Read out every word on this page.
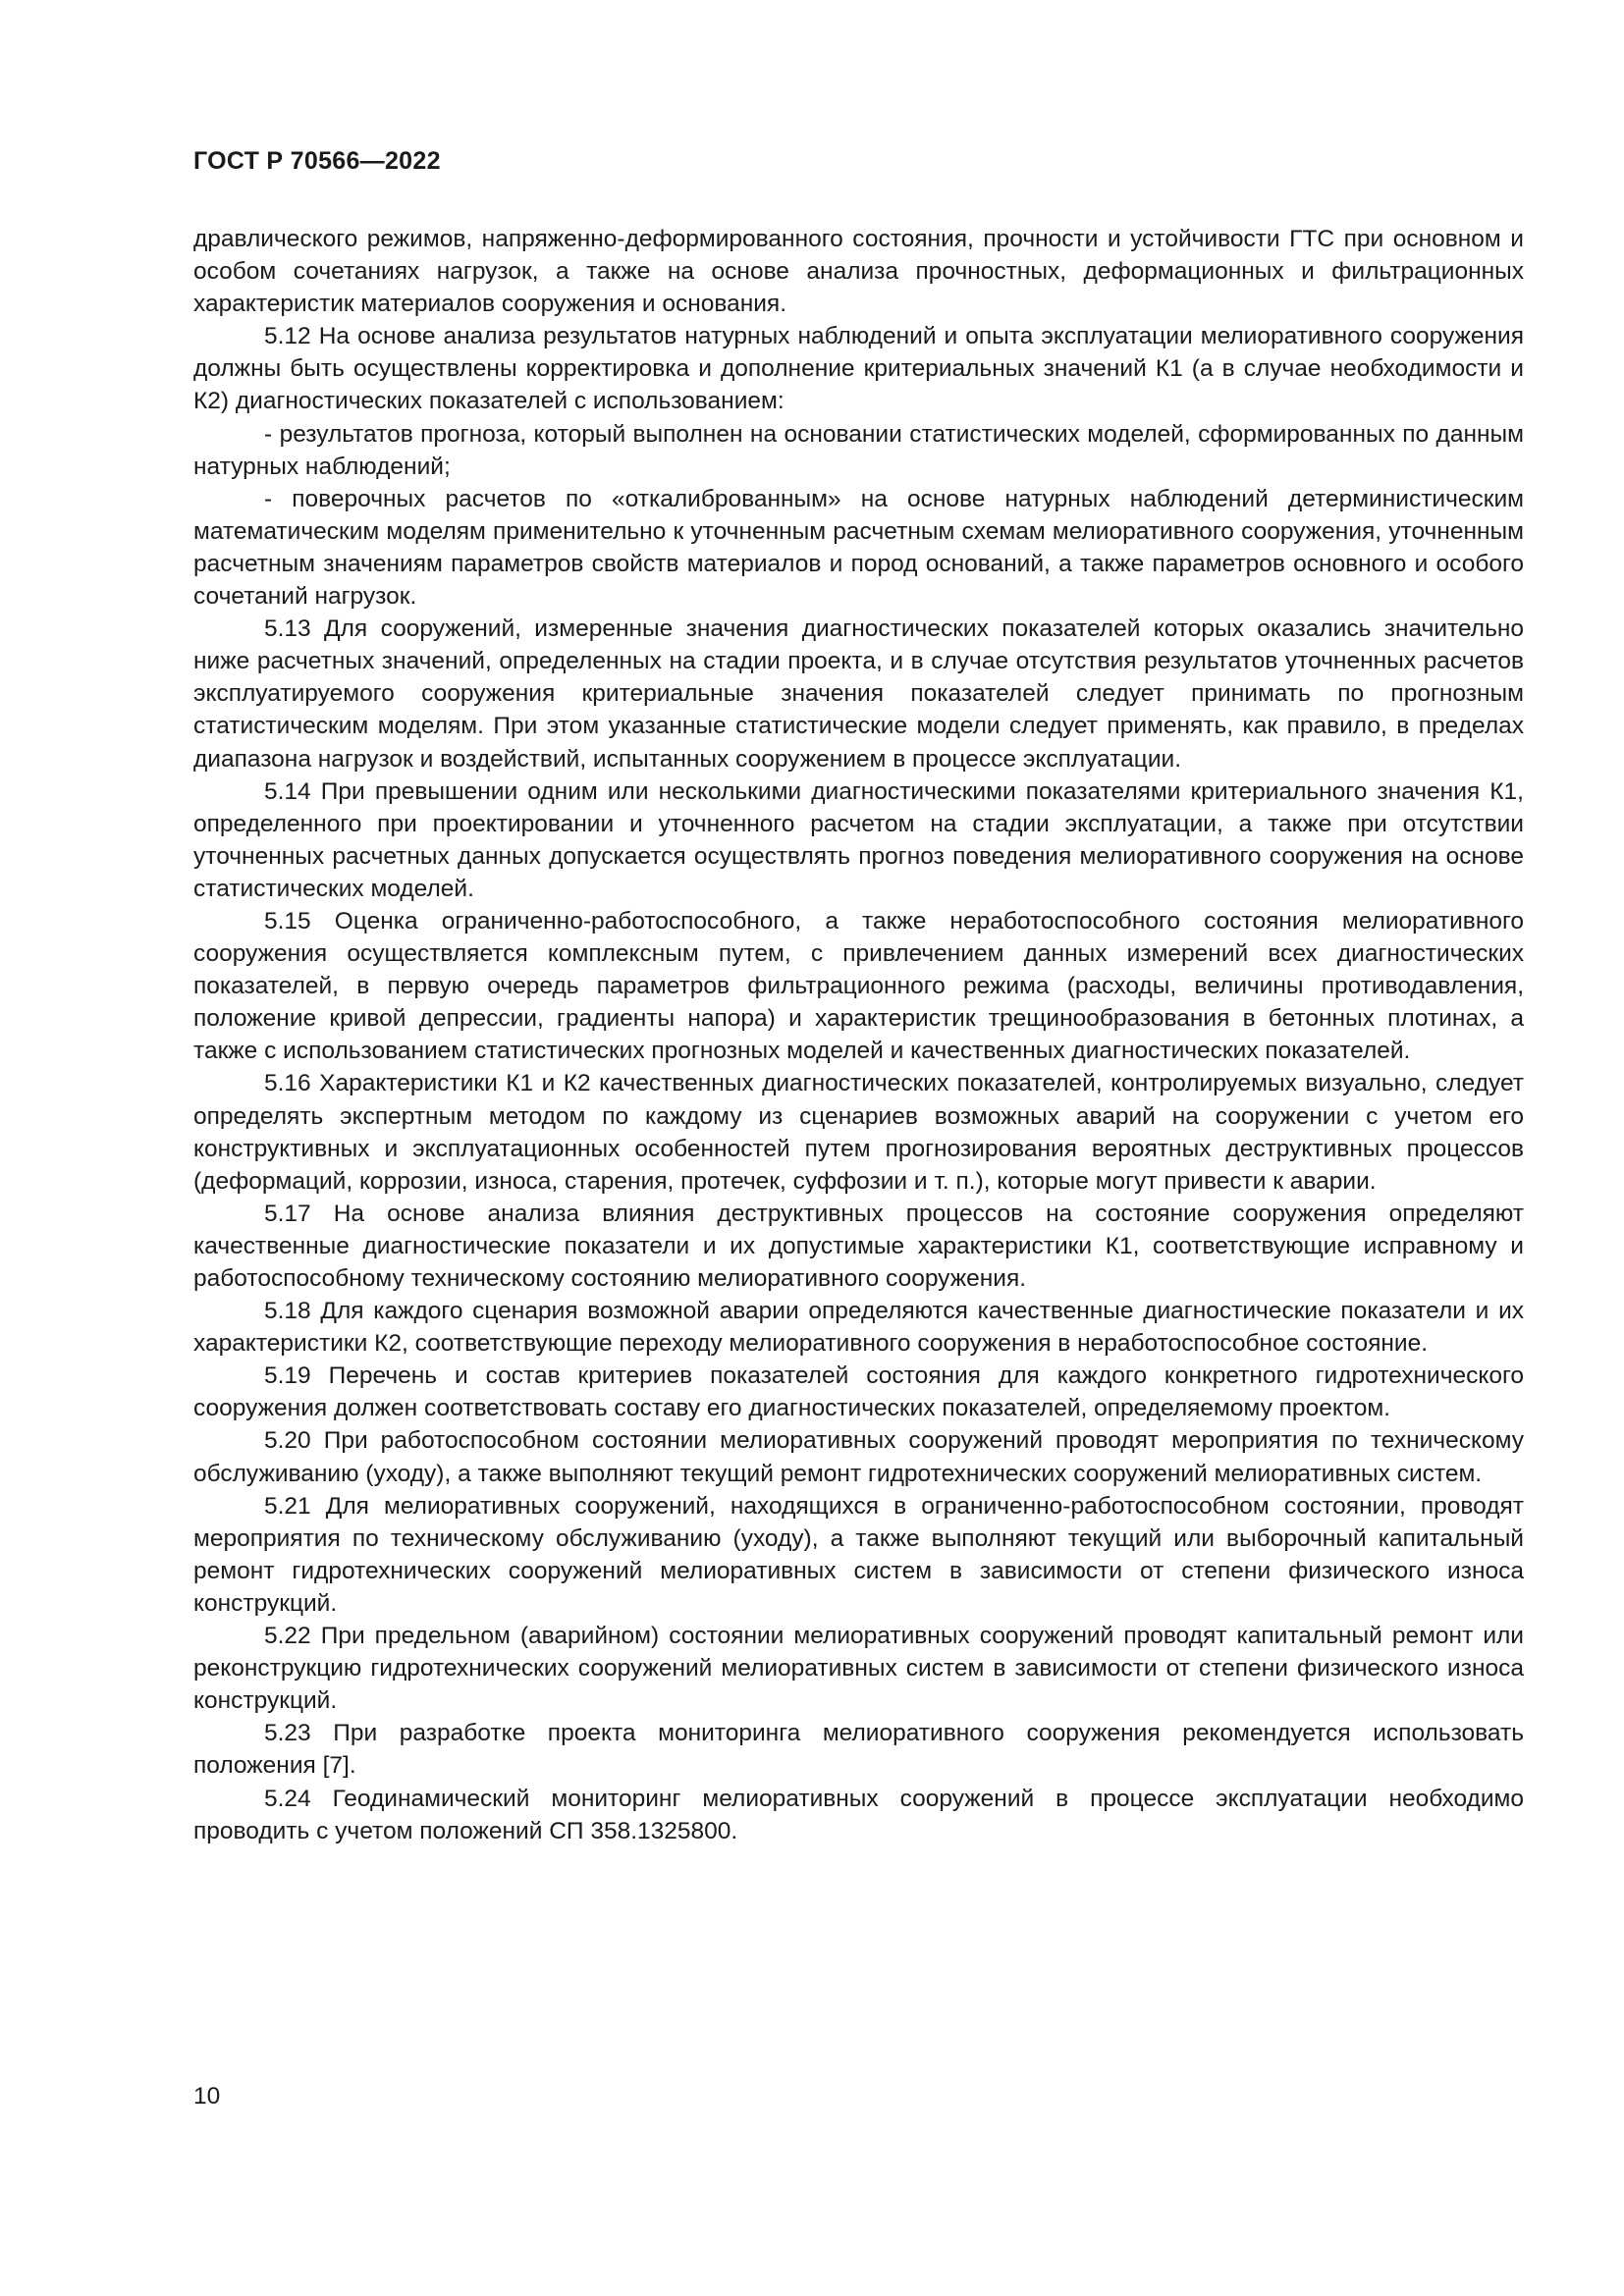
ГОСТ Р 70566—2022

дравлического режимов, напряженно-деформированного состояния, прочности и устойчивости ГТС при основном и особом сочетаниях нагрузок, а также на основе анализа прочностных, деформационных и фильтрационных характеристик материалов сооружения и основания.

5.12 На основе анализа результатов натурных наблюдений и опыта эксплуатации мелиоративного сооружения должны быть осуществлены корректировка и дополнение критериальных значений К1 (а в случае необходимости и К2) диагностических показателей с использованием:

- результатов прогноза, который выполнен на основании статистических моделей, сформированных по данным натурных наблюдений;

- поверочных расчетов по «откалиброванным» на основе натурных наблюдений детерминистическим математическим моделям применительно к уточненным расчетным схемам мелиоративного сооружения, уточненным расчетным значениям параметров свойств материалов и пород оснований, а также параметров основного и особого сочетаний нагрузок.

5.13 Для сооружений, измеренные значения диагностических показателей которых оказались значительно ниже расчетных значений, определенных на стадии проекта, и в случае отсутствия результатов уточненных расчетов эксплуатируемого сооружения критериальные значения показателей следует принимать по прогнозным статистическим моделям. При этом указанные статистические модели следует применять, как правило, в пределах диапазона нагрузок и воздействий, испытанных сооружением в процессе эксплуатации.

5.14 При превышении одним или несколькими диагностическими показателями критериального значения К1, определенного при проектировании и уточненного расчетом на стадии эксплуатации, а также при отсутствии уточненных расчетных данных допускается осуществлять прогноз поведения мелиоративного сооружения на основе статистических моделей.

5.15 Оценка ограниченно-работоспособного, а также неработоспособного состояния мелиоративного сооружения осуществляется комплексным путем, с привлечением данных измерений всех диагностических показателей, в первую очередь параметров фильтрационного режима (расходы, величины противодавления, положение кривой депрессии, градиенты напора) и характеристик трещинообразования в бетонных плотинах, а также с использованием статистических прогнозных моделей и качественных диагностических показателей.

5.16 Характеристики К1 и К2 качественных диагностических показателей, контролируемых визуально, следует определять экспертным методом по каждому из сценариев возможных аварий на сооружении с учетом его конструктивных и эксплуатационных особенностей путем прогнозирования вероятных деструктивных процессов (деформаций, коррозии, износа, старения, протечек, суффозии и т. п.), которые могут привести к аварии.

5.17 На основе анализа влияния деструктивных процессов на состояние сооружения определяют качественные диагностические показатели и их допустимые характеристики К1, соответствующие исправному и работоспособному техническому состоянию мелиоративного сооружения.

5.18 Для каждого сценария возможной аварии определяются качественные диагностические показатели и их характеристики К2, соответствующие переходу мелиоративного сооружения в неработоспособное состояние.

5.19 Перечень и состав критериев показателей состояния для каждого конкретного гидротехнического сооружения должен соответствовать составу его диагностических показателей, определяемому проектом.

5.20 При работоспособном состоянии мелиоративных сооружений проводят мероприятия по техническому обслуживанию (уходу), а также выполняют текущий ремонт гидротехнических сооружений мелиоративных систем.

5.21 Для мелиоративных сооружений, находящихся в ограниченно-работоспособном состоянии, проводят мероприятия по техническому обслуживанию (уходу), а также выполняют текущий или выборочный капитальный ремонт гидротехнических сооружений мелиоративных систем в зависимости от степени физического износа конструкций.

5.22 При предельном (аварийном) состоянии мелиоративных сооружений проводят капитальный ремонт или реконструкцию гидротехнических сооружений мелиоративных систем в зависимости от степени физического износа конструкций.

5.23 При разработке проекта мониторинга мелиоративного сооружения рекомендуется использовать положения [7].

5.24 Геодинамический мониторинг мелиоративных сооружений в процессе эксплуатации необходимо проводить с учетом положений СП 358.1325800.

10
